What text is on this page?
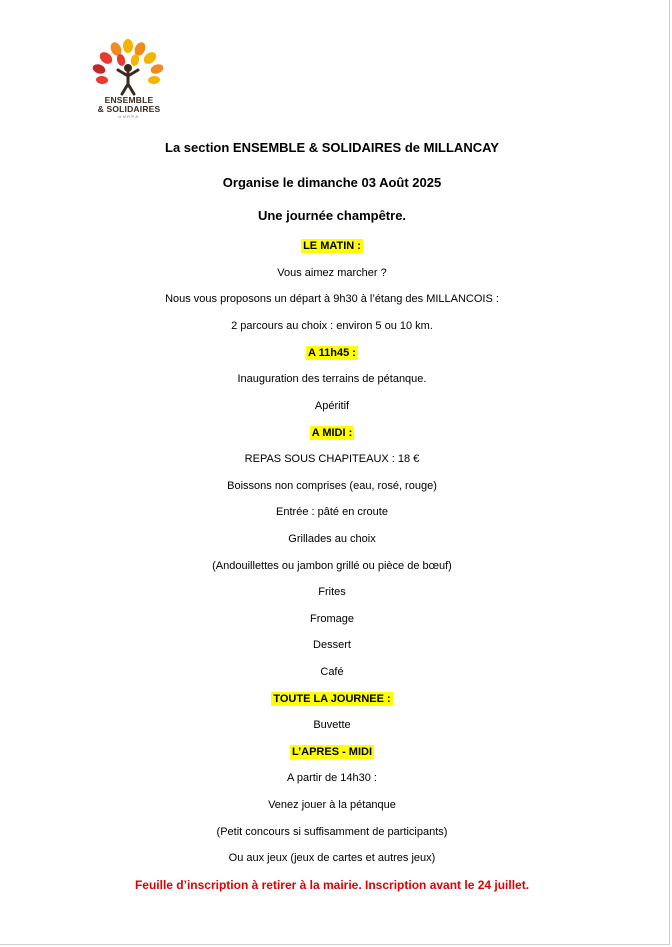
ENSEMBLE
& SOLIDAIRES
UNRPA
La section ENSEMBLE & SOLIDAIRES de MILLANCAY
Organise le dimanche 03 Août 2025
Une journée champêtre.
LE MATIN :
Vous aimez marcher ?
Nous vous proposons un départ à 9h30 à l’étang des MILLANCOIS :
2 parcours au choix : environ 5 ou 10 km.
A 11h45 :
Inauguration des terrains de pétanque.
Apéritif
A MIDI :
REPAS SOUS CHAPITEAUX : 18 €
Boissons non comprises (eau, rosé, rouge)
Entrée : pâté en croute
Grillades au choix
(Andouillettes ou jambon grillé ou pièce de bœuf)
Frites
Fromage
Dessert
Café
TOUTE LA JOURNEE :
Buvette
L’APRES - MIDI
A partir de 14h30 :
Venez jouer à la pétanque
(Petit concours si suffisamment de participants)
Ou aux jeux (jeux de cartes et autres jeux)
Feuille d’inscription à retirer à la mairie. Inscription avant le 24 juillet.
